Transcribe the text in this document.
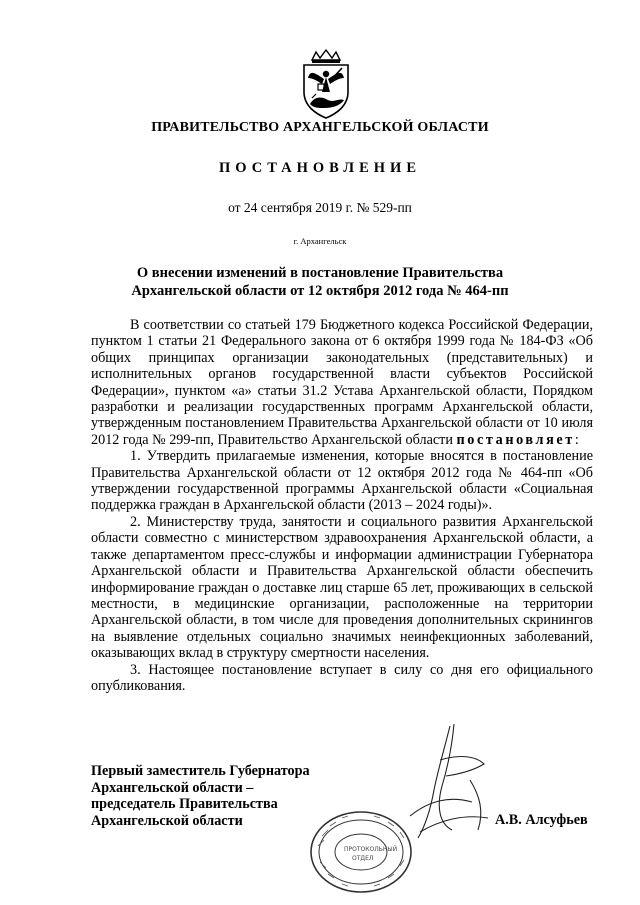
ПРАВИТЕЛЬСТВО АРХАНГЕЛЬСКОЙ ОБЛАСТИ
ПОСТАНОВЛЕНИЕ
от 24 сентября 2019 г. № 529-пп
г. Архангельск
О внесении изменений в постановление Правительства
Архангельской области от 12 октября 2012 года № 464-пп

В соответствии со статьей 179 Бюджетного кодекса Российской Федерации, пунктом 1 статьи 21 Федерального закона от 6 октября 1999 года № 184-ФЗ «Об общих принципах организации законодательных (представительных) и исполнительных органов государственной власти субъектов Российской Федерации», пунктом «а» статьи 31.2 Устава Архангельской области, Порядком разработки и реализации государственных программ Архангельской области, утвержденным постановлением Правительства Архангельской области от 10 июля 2012 года № 299-пп, Правительство Архангельской области постановляет:

1. Утвердить прилагаемые изменения, которые вносятся в постановление Правительства Архангельской области от 12 октября 2012 года № 464-пп «Об утверждении государственной программы Архангельской области «Социальная поддержка граждан в Архангельской области (2013 – 2024 годы)».

2. Министерству труда, занятости и социального развития Архангельской области совместно с министерством здравоохранения Архангельской области, а также департаментом пресс-службы и информации администрации Губернатора Архангельской области и Правительства Архангельской области обеспечить информирование граждан о доставке лиц старше 65 лет, проживающих в сельской местности, в медицинские организации, расположенные на территории Архангельской области, в том числе для проведения дополнительных скринингов на выявление отдельных социально значимых неинфекционных заболеваний, оказывающих вклад в структуру смертности населения.

3. Настоящее постановление вступает в силу со дня его официального опубликования.

ПРОТОКОЛЬНЫЙ
ОТДЕЛ
Первый заместитель Губернатора
Архангельской области –
председатель Правительства
Архангельской области	А.В. Алсуфьев
